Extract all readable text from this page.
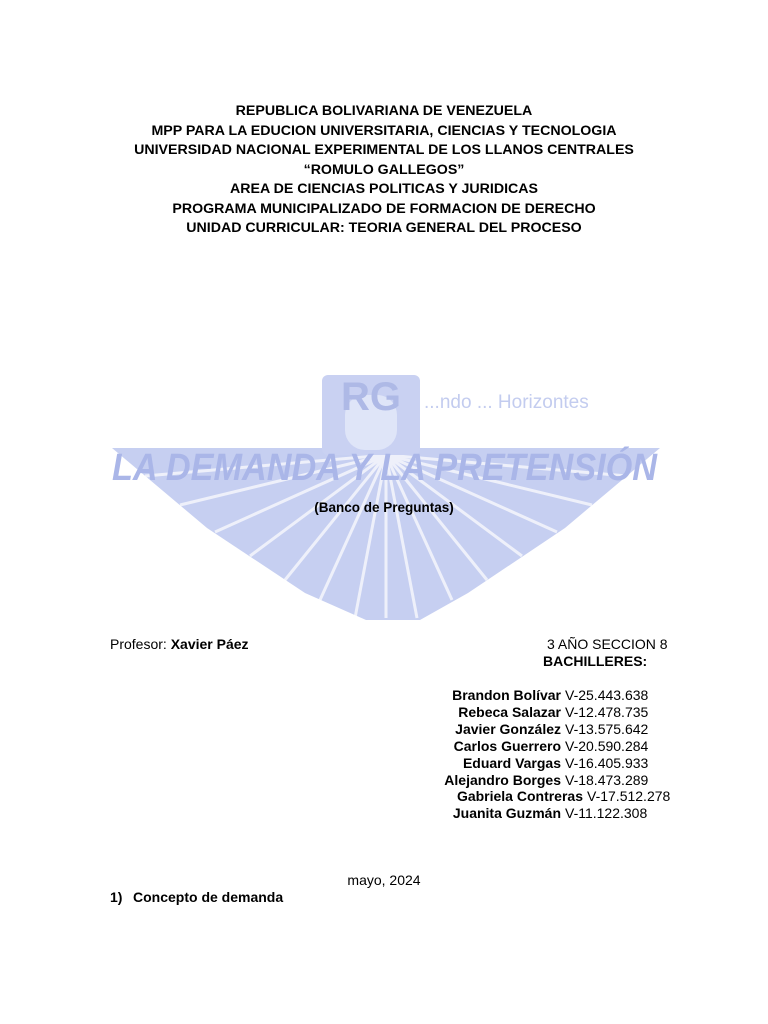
REPUBLICA BOLIVARIANA DE VENEZUELA
MPP PARA LA EDUCION UNIVERSITARIA, CIENCIAS Y TECNOLOGIA
UNIVERSIDAD NACIONAL EXPERIMENTAL DE LOS LLANOS CENTRALES
“ROMULO GALLEGOS”
AREA DE CIENCIAS POLITICAS Y JURIDICAS
PROGRAMA MUNICIPALIZADO DE FORMACION DE DERECHO
UNIDAD CURRICULAR: TEORIA GENERAL DEL PROCESO
RG ...ndo ... Horizontes
LA DEMANDA Y LA PRETENSIÓN
(Banco de Preguntas)
Profesor: Xavier Páez	3 AÑO SECCION 8
BACHILLERES:
Brandon Bolívar V-25.443.638
Rebeca Salazar V-12.478.735
Javier González V-13.575.642
Carlos Guerrero V-20.590.284
Eduard Vargas V-16.405.933
Alejandro Borges V-18.473.289
Gabriela Contreras V-17.512.278
Juanita Guzmán V-11.122.308
mayo, 2024
1) Concepto de demanda
